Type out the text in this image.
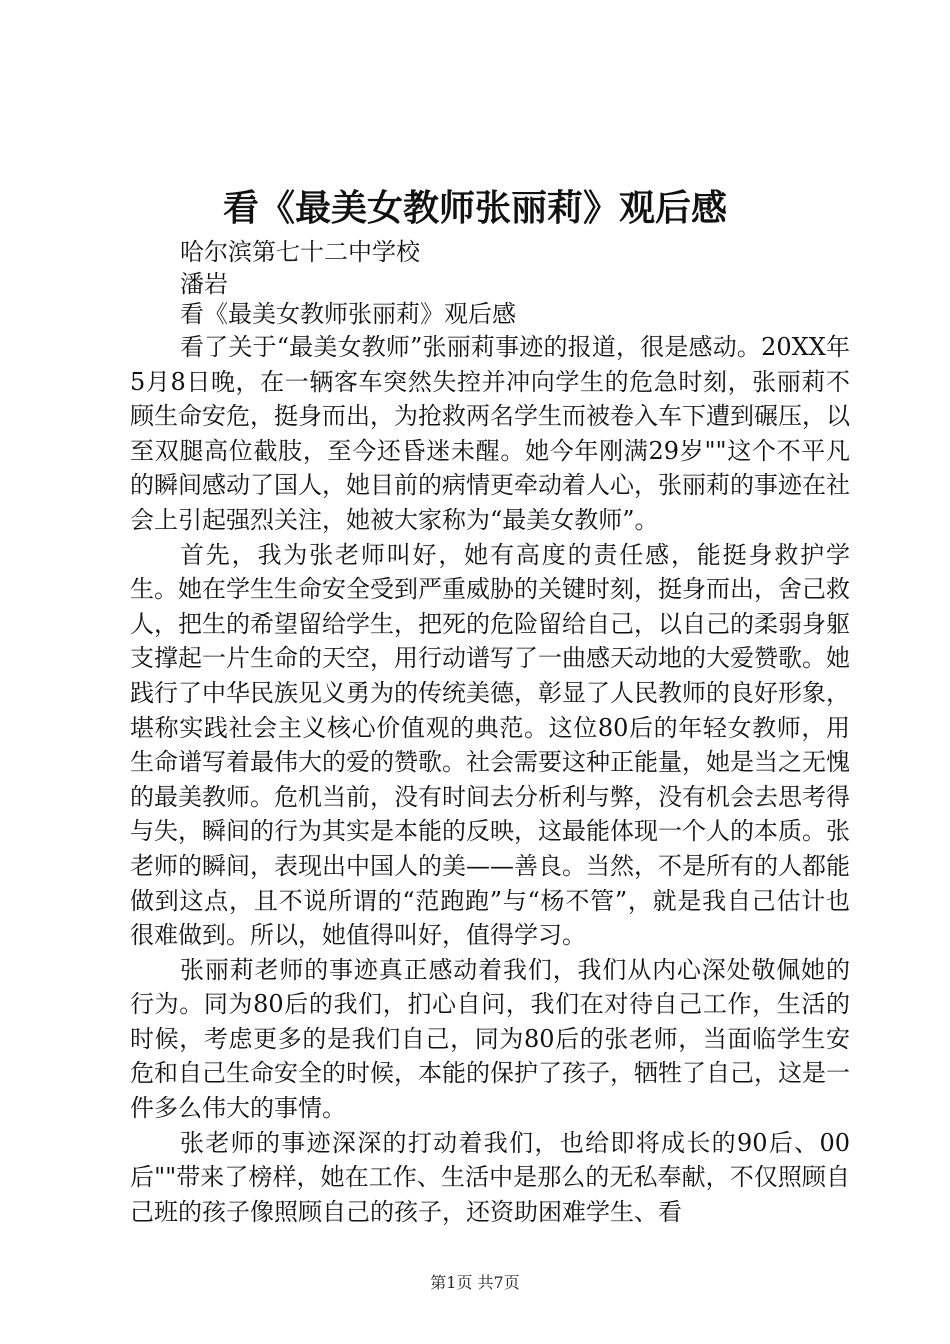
看《最美女教师张丽莉》观后感

哈尔滨第七十二中学校

潘岩

看《最美女教师张丽莉》观后感

看了关于“最美女教师”张丽莉事迹的报道，很是感动。20XX年5月8日晚，在一辆客车突然失控并冲向学生的危急时刻，张丽莉不顾生命安危，挺身而出，为抢救两名学生而被卷入车下遭到碾压，以至双腿高位截肢，至今还昏迷未醒。她今年刚满29岁""这个不平凡的瞬间感动了国人，她目前的病情更牵动着人心，张丽莉的事迹在社会上引起强烈关注，她被大家称为“最美女教师”。

首先，我为张老师叫好，她有高度的责任感，能挺身救护学生。她在学生生命安全受到严重威胁的关键时刻，挺身而出，舍己救人，把生的希望留给学生，把死的危险留给自己，以自己的柔弱身躯支撑起一片生命的天空，用行动谱写了一曲感天动地的大爱赞歌。她践行了中华民族见义勇为的传统美德，彰显了人民教师的良好形象，堪称实践社会主义核心价值观的典范。这位80后的年轻女教师，用生命谱写着最伟大的爱的赞歌。社会需要这种正能量，她是当之无愧的最美教师。危机当前，没有时间去分析利与弊，没有机会去思考得与失，瞬间的行为其实是本能的反映，这最能体现一个人的本质。张老师的瞬间，表现出中国人的美——善良。当然，不是所有的人都能做到这点，且不说所谓的“范跑跑”与“杨不管”，就是我自己估计也很难做到。所以，她值得叫好，值得学习。

张丽莉老师的事迹真正感动着我们，我们从内心深处敬佩她的行为。同为80后的我们，扪心自问，我们在对待自己工作，生活的时候，考虑更多的是我们自己，同为80后的张老师，当面临学生安危和自己生命安全的时候，本能的保护了孩子，牺牲了自己，这是一件多么伟大的事情。

张老师的事迹深深的打动着我们，也给即将成长的90后、00后""带来了榜样，她在工作、生活中是那么的无私奉献，不仅照顾自己班的孩子像照顾自己的孩子，还资助困难学生、看

第1页 共7页
